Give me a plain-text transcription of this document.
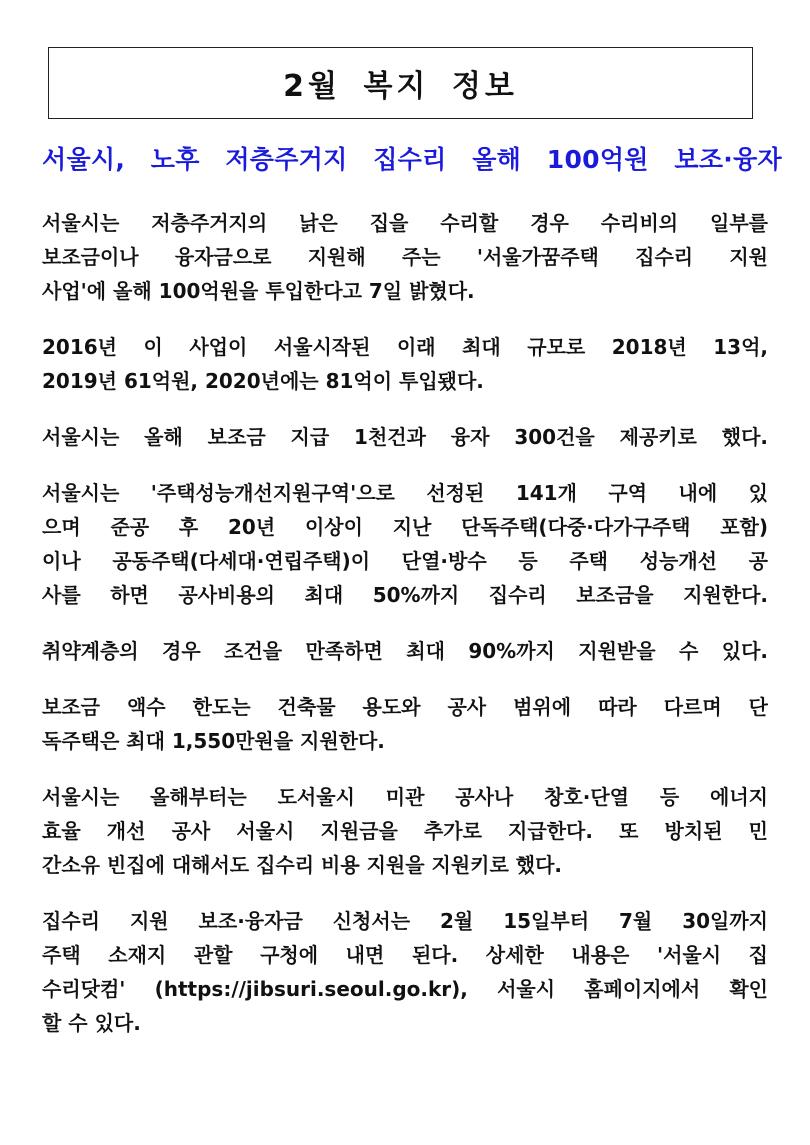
2월 복지 정보
서울시, 노후 저층주거지 집수리 올해 100억원 보조·융자
서울시는 저층주거지의 낡은 집을 수리할 경우 수리비의 일부를
보조금이나 융자금으로 지원해 주는 '서울가꿈주택 집수리 지원
사업'에 올해 100억원을 투입한다고 7일 밝혔다.
2016년 이 사업이 서울시작된 이래 최대 규모로 2018년 13억,
2019년 61억원, 2020년에는 81억이 투입됐다.
서울시는 올해 보조금 지급 1천건과 융자 300건을 제공키로 했다.
서울시는 '주택성능개선지원구역'으로 선정된 141개 구역 내에 있
으며 준공 후 20년 이상이 지난 단독주택(다중·다가구주택 포함)
이나 공동주택(다세대·연립주택)이 단열·방수 등 주택 성능개선 공
사를 하면 공사비용의 최대 50%까지 집수리 보조금을 지원한다.
취약계층의 경우 조건을 만족하면 최대 90%까지 지원받을 수 있다.
보조금 액수 한도는 건축물 용도와 공사 범위에 따라 다르며 단
독주택은 최대 1,550만원을 지원한다.
서울시는 올해부터는 도서울시 미관 공사나 창호·단열 등 에너지
효율 개선 공사 서울시 지원금을 추가로 지급한다. 또 방치된 민
간소유 빈집에 대해서도 집수리 비용 지원을 지원키로 했다.
집수리 지원 보조·융자금 신청서는 2월 15일부터 7월 30일까지
주택 소재지 관할 구청에 내면 된다. 상세한 내용은 '서울시 집
수리닷컴' (https://jibsuri.seoul.go.kr), 서울시 홈페이지에서 확인
할 수 있다.
